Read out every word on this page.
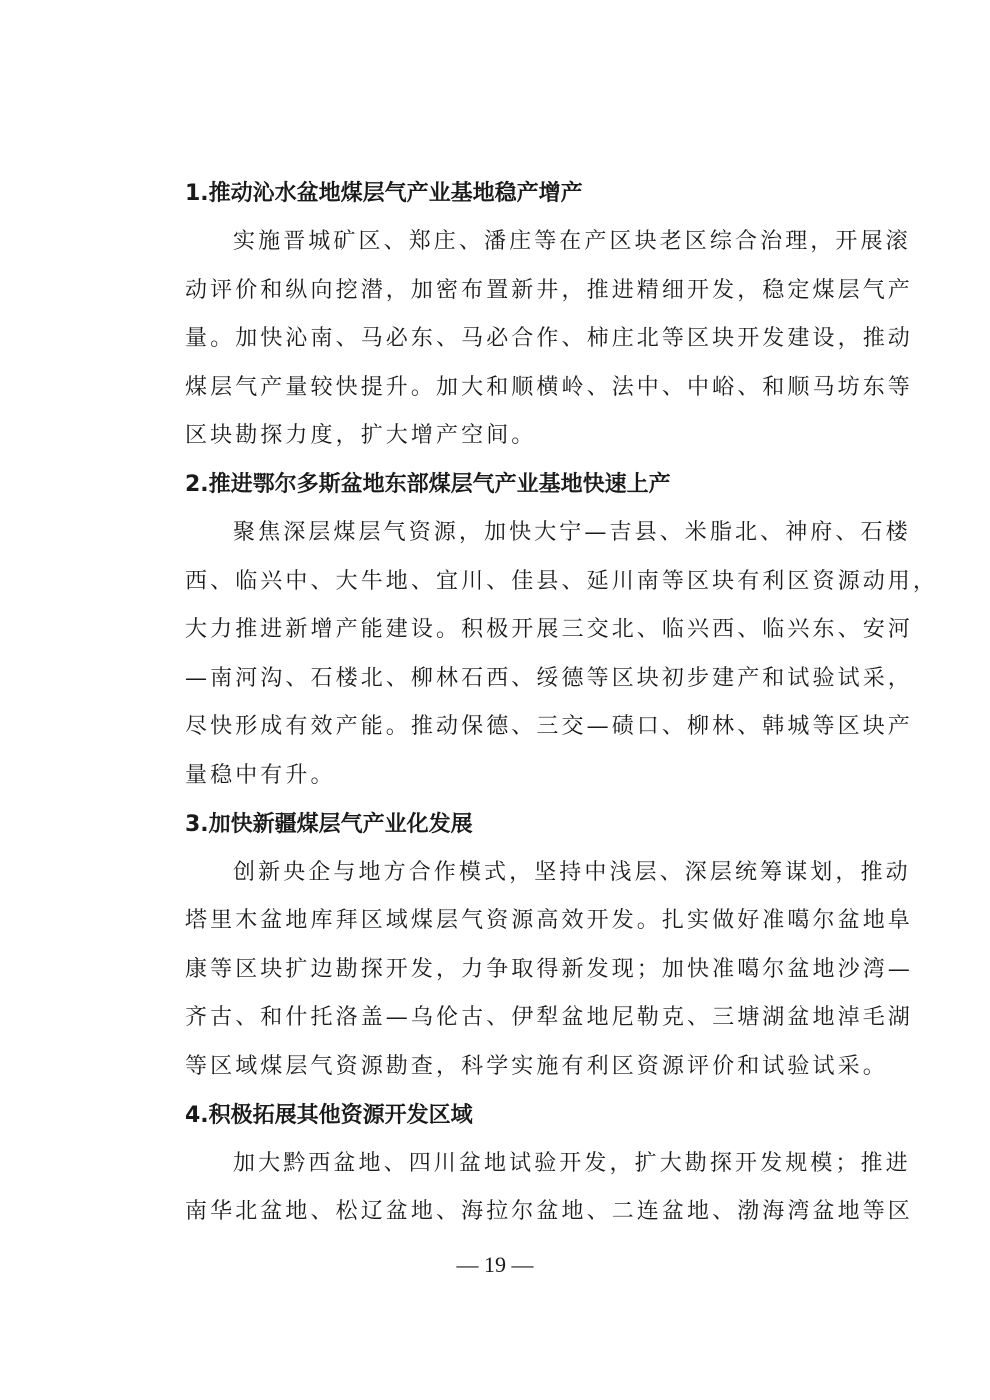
1.推动沁水盆地煤层气产业基地稳产增产
实施晋城矿区、郑庄、潘庄等在产区块老区综合治理，开展滚
动评价和纵向挖潜，加密布置新井，推进精细开发，稳定煤层气产
量。加快沁南、马必东、马必合作、柿庄北等区块开发建设，推动
煤层气产量较快提升。加大和顺横岭、法中、中峪、和顺马坊东等
区块勘探力度，扩大增产空间。
2.推进鄂尔多斯盆地东部煤层气产业基地快速上产
聚焦深层煤层气资源，加快大宁—吉县、米脂北、神府、石楼
西、临兴中、大牛地、宜川、佳县、延川南等区块有利区资源动用，
大力推进新增产能建设。积极开展三交北、临兴西、临兴东、安河
—南河沟、石楼北、柳林石西、绥德等区块初步建产和试验试采，
尽快形成有效产能。推动保德、三交—碛口、柳林、韩城等区块产
量稳中有升。
3.加快新疆煤层气产业化发展
创新央企与地方合作模式，坚持中浅层、深层统筹谋划，推动
塔里木盆地库拜区域煤层气资源高效开发。扎实做好准噶尔盆地阜
康等区块扩边勘探开发，力争取得新发现；加快准噶尔盆地沙湾—
齐古、和什托洛盖—乌伦古、伊犁盆地尼勒克、三塘湖盆地淖毛湖
等区域煤层气资源勘查，科学实施有利区资源评价和试验试采。
4.积极拓展其他资源开发区域
加大黔西盆地、四川盆地试验开发，扩大勘探开发规模；推进
南华北盆地、松辽盆地、海拉尔盆地、二连盆地、渤海湾盆地等区
— 19 —
